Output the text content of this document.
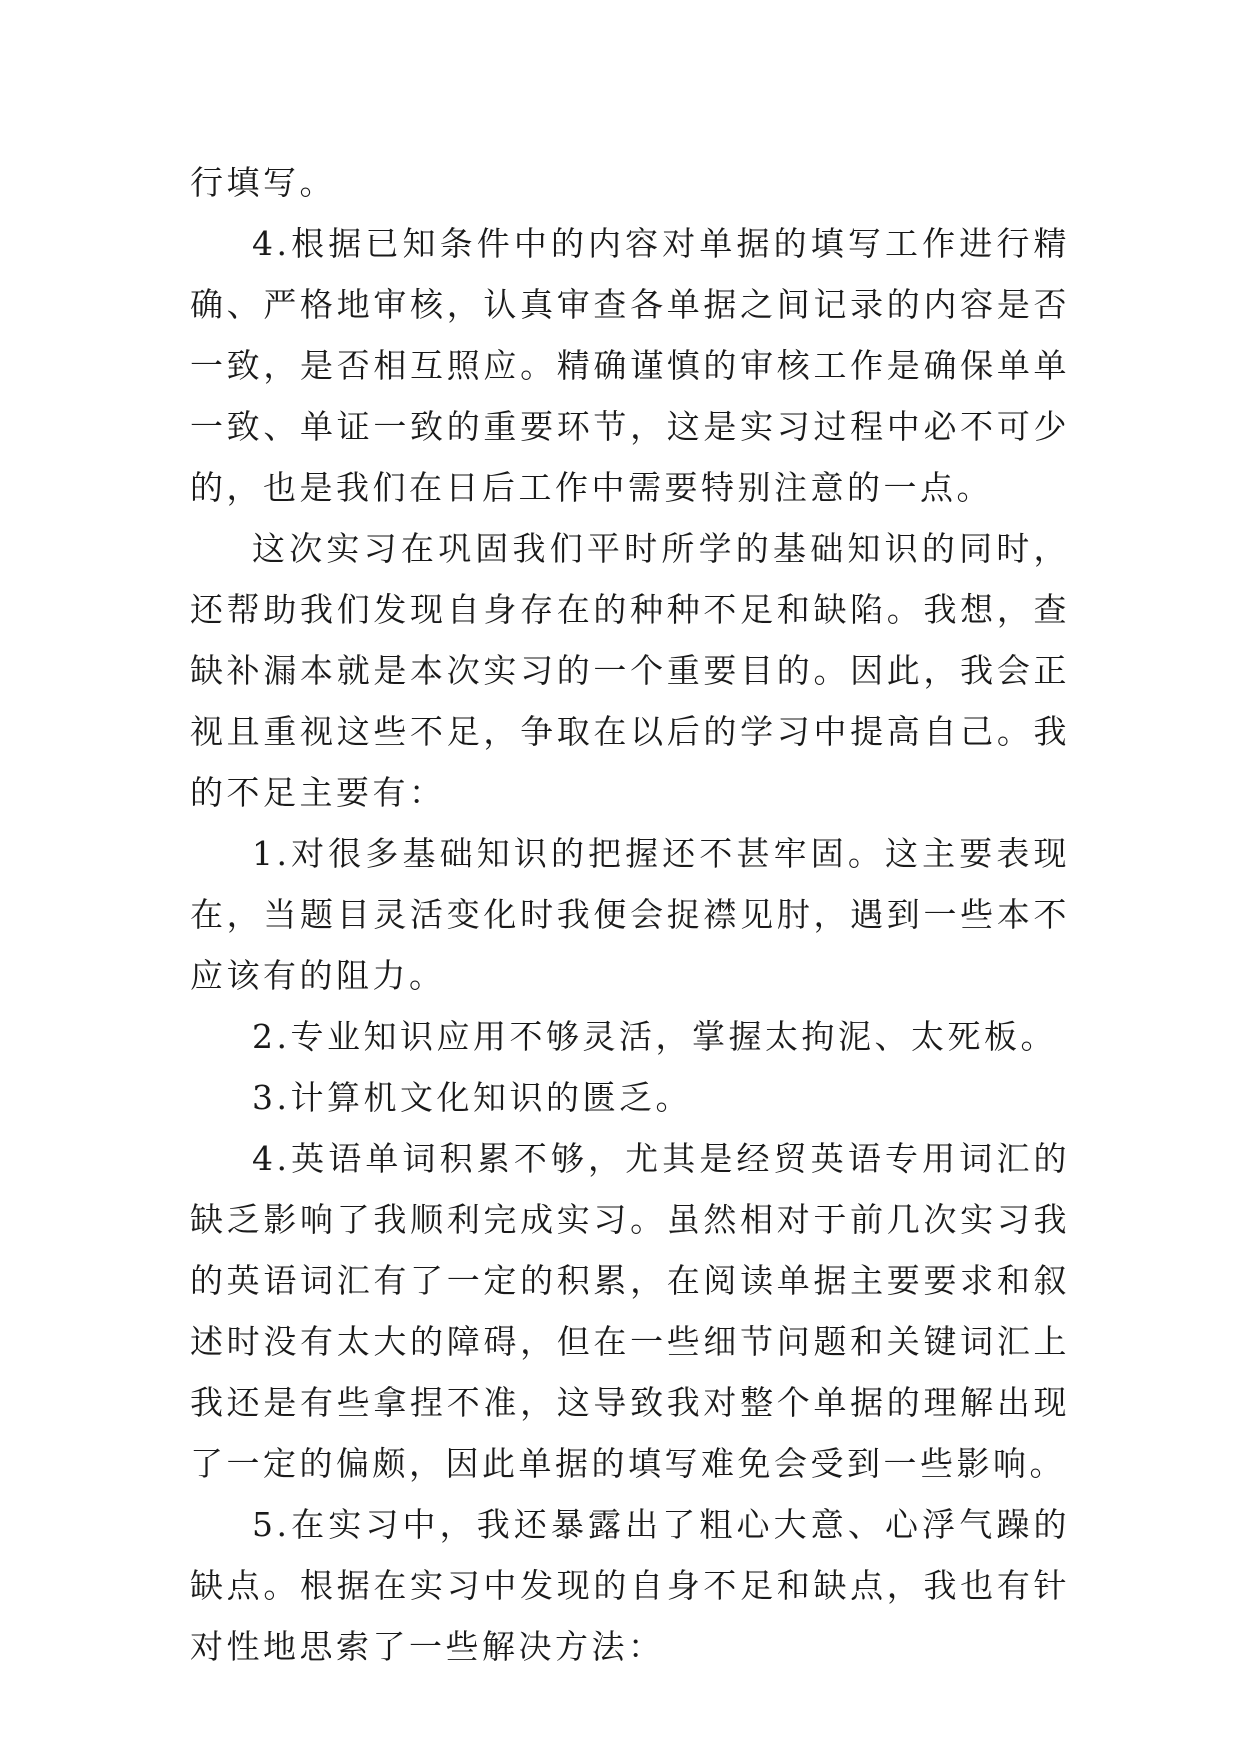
行填写。

4.根据已知条件中的内容对单据的填写工作进行精确、严格地审核，认真审查各单据之间记录的内容是否一致，是否相互照应。精确谨慎的审核工作是确保单单一致、单证一致的重要环节，这是实习过程中必不可少的，也是我们在日后工作中需要特别注意的一点。

这次实习在巩固我们平时所学的基础知识的同时，还帮助我们发现自身存在的种种不足和缺陷。我想，查缺补漏本就是本次实习的一个重要目的。因此，我会正视且重视这些不足，争取在以后的学习中提高自己。我的不足主要有：

1.对很多基础知识的把握还不甚牢固。这主要表现在，当题目灵活变化时我便会捉襟见肘，遇到一些本不应该有的阻力。

2.专业知识应用不够灵活，掌握太拘泥、太死板。

3.计算机文化知识的匮乏。

4.英语单词积累不够，尤其是经贸英语专用词汇的缺乏影响了我顺利完成实习。虽然相对于前几次实习我的英语词汇有了一定的积累，在阅读单据主要要求和叙述时没有太大的障碍，但在一些细节问题和关键词汇上我还是有些拿捏不准，这导致我对整个单据的理解出现了一定的偏颇，因此单据的填写难免会受到一些影响。

5.在实习中，我还暴露出了粗心大意、心浮气躁的缺点。根据在实习中发现的自身不足和缺点，我也有针对性地思索了一些解决方法：
